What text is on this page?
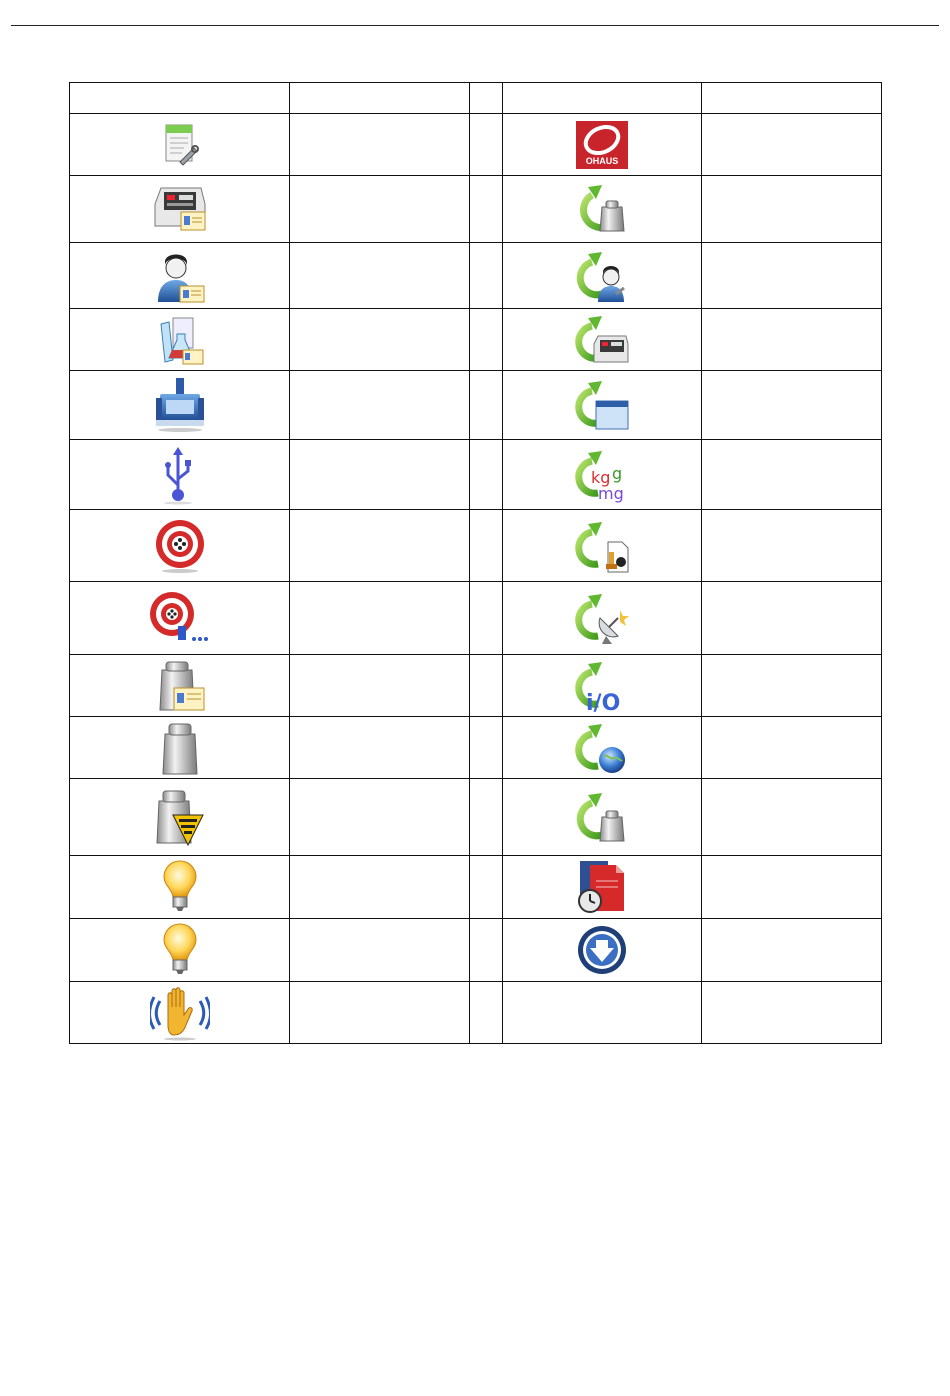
OHAUS	

kg g
mg	

i/O	
